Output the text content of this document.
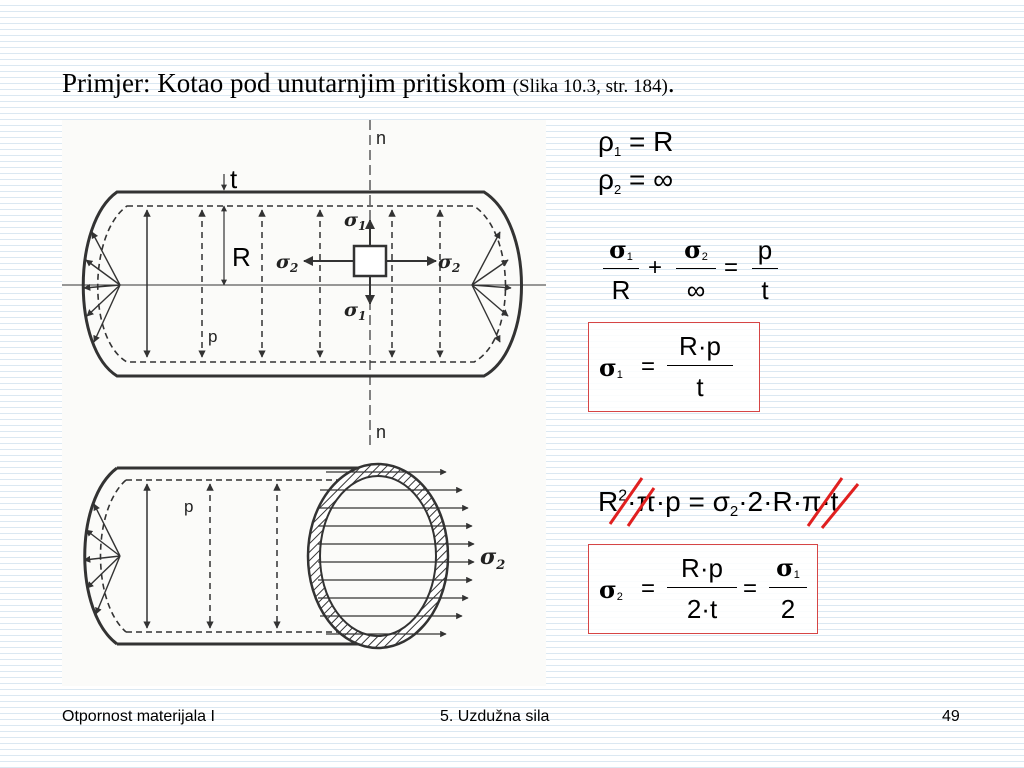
Primjer: Kotao pod unutarnjim pritiskom (Slika 10.3, str. 184).
t
R
n
n
p
$\sigma_1$
$\sigma_1$
$\sigma_2$	$\sigma_2$
p
$\sigma_2$
ρ1 = R
ρ2 = ∞
$\frac{\sigma 1}{R}$ +
σ2
∞
= $\frac{p}{t}$
$\sigma 1 = \frac{R\cdot p}{t}$
$R^2\cdot\pi\cdot p = \sigma 2\cdot 2\cdot R\cdot\pi\cdot t$
$\sigma 2 = \frac{R\cdot p}{2\cdot t} = \frac{\sigma 1}{2}$
Otpornost materijala I	5. Uzdužna sila	49
